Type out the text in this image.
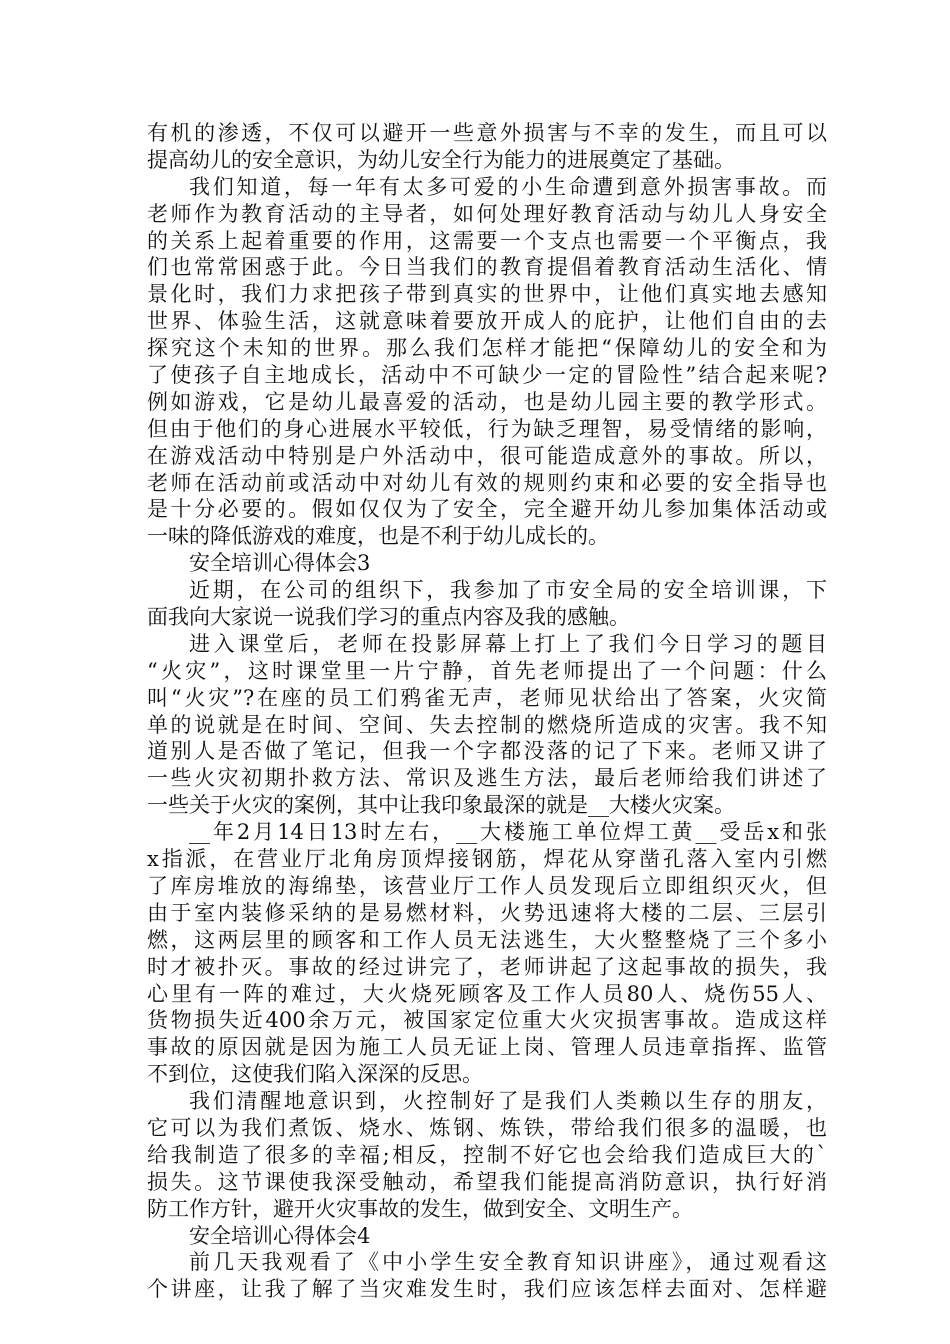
有机的渗透，不仅可以避开一些意外损害与不幸的发生，而且可以
提高幼儿的安全意识，为幼儿安全行为能力的进展奠定了基础。
我们知道，每一年有太多可爱的小生命遭到意外损害事故。而
老师作为教育活动的主导者，如何处理好教育活动与幼儿人身安全
的关系上起着重要的作用，这需要一个支点也需要一个平衡点，我
们也常常困惑于此。今日当我们的教育提倡着教育活动生活化、情
景化时，我们力求把孩子带到真实的世界中，让他们真实地去感知
世界、体验生活，这就意味着要放开成人的庇护，让他们自由的去
探究这个未知的世界。那么我们怎样才能把“保障幼儿的安全和为
了使孩子自主地成长，活动中不可缺少一定的冒险性”结合起来呢?
例如游戏，它是幼儿最喜爱的活动，也是幼儿园主要的教学形式。
但由于他们的身心进展水平较低，行为缺乏理智，易受情绪的影响，
在游戏活动中特别是户外活动中，很可能造成意外的事故。所以，
老师在活动前或活动中对幼儿有效的规则约束和必要的安全指导也
是十分必要的。假如仅仅为了安全，完全避开幼儿参加集体活动或
一味的降低游戏的难度，也是不利于幼儿成长的。
安全培训心得体会3
近期，在公司的组织下，我参加了市安全局的安全培训课，下
面我向大家说一说我们学习的重点内容及我的感触。
进入课堂后，老师在投影屏幕上打上了我们今日学习的题目
“火灾”，这时课堂里一片宁静，首先老师提出了一个问题：什么
叫“火灾”?在座的员工们鸦雀无声，老师见状给出了答案，火灾简
单的说就是在时间、空间、失去控制的燃烧所造成的灾害。我不知
道别人是否做了笔记，但我一个字都没落的记了下来。老师又讲了
一些火灾初期扑救方法、常识及逃生方法，最后老师给我们讲述了
一些关于火灾的案例，其中让我印象最深的就是__大楼火灾案。
__年2月14日13时左右，__大楼施工单位焊工黄__受岳x和张
x指派，在营业厅北角房顶焊接钢筋，焊花从穿凿孔落入室内引燃
了库房堆放的海绵垫，该营业厅工作人员发现后立即组织灭火，但
由于室内装修采纳的是易燃材料，火势迅速将大楼的二层、三层引
燃，这两层里的顾客和工作人员无法逃生，大火整整烧了三个多小
时才被扑灭。事故的经过讲完了，老师讲起了这起事故的损失，我
心里有一阵的难过，大火烧死顾客及工作人员80人、烧伤55人、
货物损失近400余万元，被国家定位重大火灾损害事故。造成这样
事故的原因就是因为施工人员无证上岗、管理人员违章指挥、监管
不到位，这使我们陷入深深的反思。
我们清醒地意识到，火控制好了是我们人类赖以生存的朋友，
它可以为我们煮饭、烧水、炼钢、炼铁，带给我们很多的温暖，也
给我制造了很多的幸福;相反，控制不好它也会给我们造成巨大的`
损失。这节课使我深受触动，希望我们能提高消防意识，执行好消
防工作方针，避开火灾事故的发生，做到安全、文明生产。
安全培训心得体会4
前几天我观看了《中小学生安全教育知识讲座》，通过观看这
个讲座，让我了解了当灾难发生时，我们应该怎样去面对、怎样避
